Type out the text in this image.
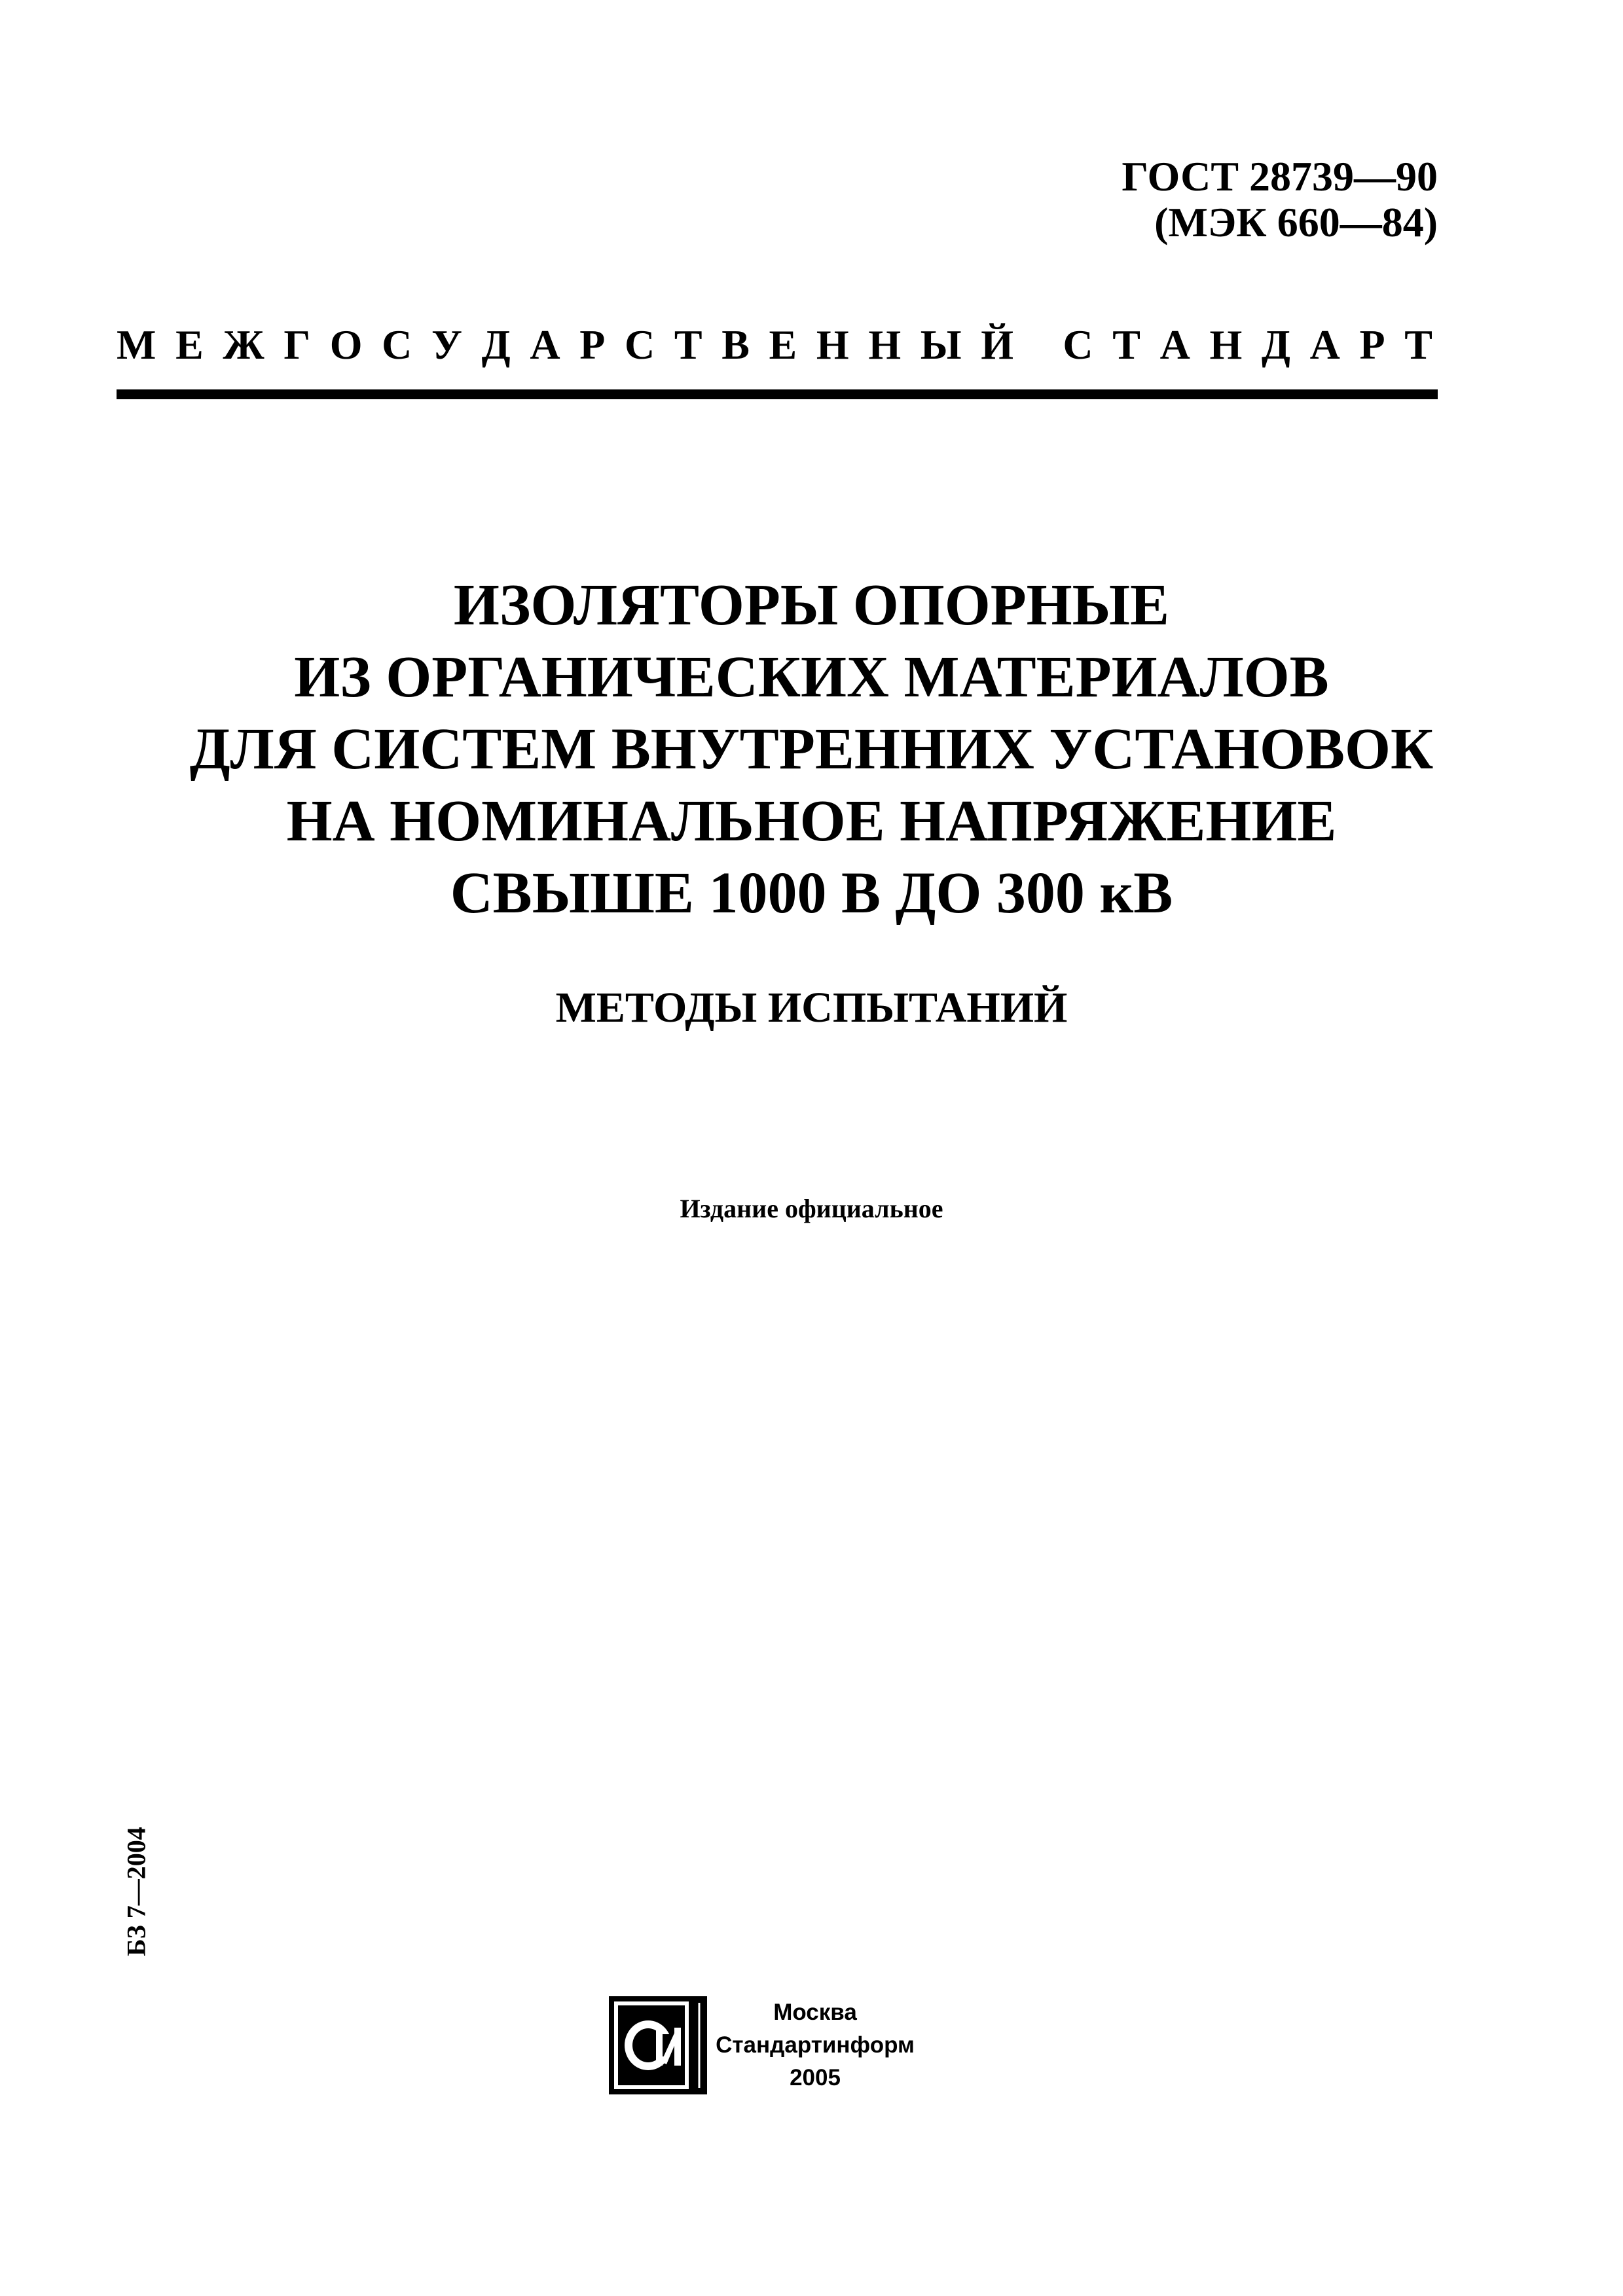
ГОСТ 28739—90
(МЭК 660—84)
М Е Ж Г О С У Д А Р С Т В Е Н Н Ы Й
С Т А Н Д А Р Т
ИЗОЛЯТОРЫ ОПОРНЫЕ
ИЗ ОРГАНИЧЕСКИХ МАТЕРИАЛОВ
ДЛЯ СИСТЕМ ВНУТРЕННИХ УСТАНОВОК
НА НОМИНАЛЬНОЕ НАПРЯЖЕНИЕ
СВЫШЕ 1000 В ДО 300 кВ
МЕТОДЫ ИСПЫТАНИЙ
Издание официальное
БЗ 7—2004
Москва
Стандартинформ
2005
